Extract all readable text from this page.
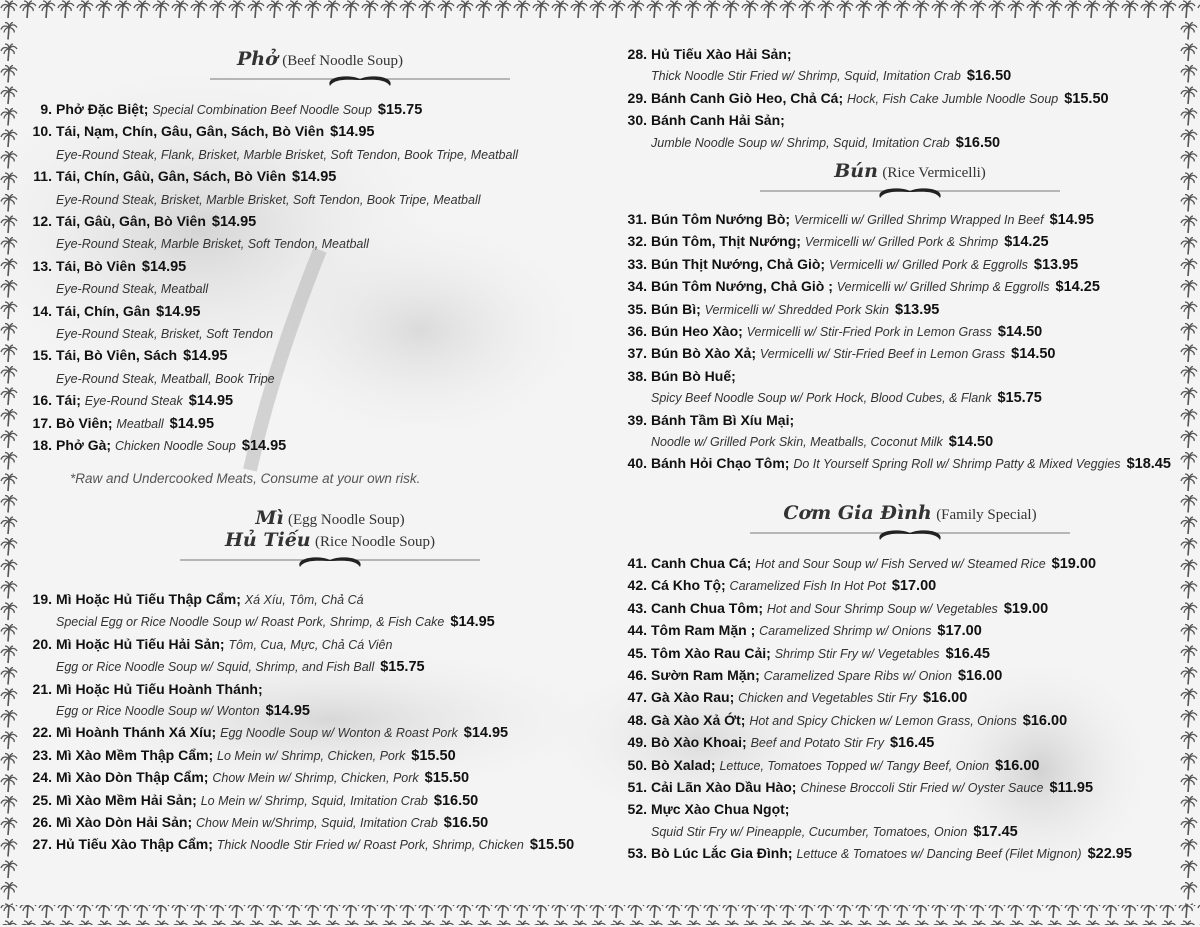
Phở (Beef Noodle Soup)
9. Phở Đặc Biệt; Special Combination Beef Noodle Soup $15.75
10. Tái, Nạm, Chín, Gâu, Gân, Sách, Bò Viên $14.95
Eye-Round Steak, Flank, Brisket, Marble Brisket, Soft Tendon, Book Tripe, Meatball
11. Tái, Chín, Gâù, Gân, Sách, Bò Viên $14.95
Eye-Round Steak, Brisket, Marble Brisket, Soft Tendon, Book Tripe, Meatball
12. Tái, Gâù, Gân, Bò Viên $14.95
Eye-Round Steak, Marble Brisket, Soft Tendon, Meatball
13. Tái, Bò Viên $14.95
Eye-Round Steak, Meatball
14. Tái, Chín, Gân $14.95
Eye-Round Steak, Brisket, Soft Tendon
15. Tái, Bò Viên, Sách $14.95
Eye-Round Steak, Meatball, Book Tripe
16. Tái; Eye-Round Steak $14.95
17. Bò Viên; Meatball $14.95
18. Phở Gà; Chicken Noodle Soup $14.95
*Raw and Undercooked Meats, Consume at your own risk.
Mì (Egg Noodle Soup)
Hủ Tiếu (Rice Noodle Soup)
19. Mì Hoặc Hủ Tiếu Thập Cẩm; Xá Xíu, Tôm, Chả Cá
Special Egg or Rice Noodle Soup w/ Roast Pork, Shrimp, & Fish Cake $14.95
20. Mì Hoặc Hủ Tiếu Hải Sản; Tôm, Cua, Mực, Chả Cá Viên
Egg or Rice Noodle Soup w/ Squid, Shrimp, and Fish Ball $15.75
21. Mì Hoặc Hủ Tiếu Hoành Thánh;
Egg or Rice Noodle Soup w/ Wonton $14.95
22. Mì Hoành Thánh Xá Xíu; Egg Noodle Soup w/ Wonton & Roast Pork $14.95
23. Mì Xào Mềm Thập Cẩm; Lo Mein w/ Shrimp, Chicken, Pork $15.50
24. Mì Xào Dòn Thập Cẩm; Chow Mein w/ Shrimp, Chicken, Pork $15.50
25. Mì Xào Mềm Hải Sản; Lo Mein w/ Shrimp, Squid, Imitation Crab $16.50
26. Mì Xào Dòn Hải Sản; Chow Mein w/Shrimp, Squid, Imitation Crab $16.50
27. Hủ Tiếu Xào Thập Cẩm; Thick Noodle Stir Fried w/ Roast Pork, Shrimp, Chicken $15.50
28. Hủ Tiếu Xào Hải Sản;
Thick Noodle Stir Fried w/ Shrimp, Squid, Imitation Crab $16.50
29. Bánh Canh Giò Heo, Chả Cá; Hock, Fish Cake Jumble Noodle Soup $15.50
30. Bánh Canh Hải Sản;
Jumble Noodle Soup w/ Shrimp, Squid, Imitation Crab $16.50
Bún (Rice Vermicelli)
31. Bún Tôm Nướng Bò; Vermicelli w/ Grilled Shrimp Wrapped In Beef $14.95
32. Bún Tôm, Thịt Nướng; Vermicelli w/ Grilled Pork & Shrimp $14.25
33. Bún Thịt Nướng, Chả Giò; Vermicelli w/ Grilled Pork & Eggrolls $13.95
34. Bún Tôm Nướng, Chả Giò ; Vermicelli w/ Grilled Shrimp & Eggrolls $14.25
35. Bún Bì; Vermicelli w/ Shredded Pork Skin $13.95
36. Bún Heo Xào; Vermicelli w/ Stir-Fried Pork in Lemon Grass $14.50
37. Bún Bò Xào Xả; Vermicelli w/ Stir-Fried Beef in Lemon Grass $14.50
38. Bún Bò Huế;
Spicy Beef Noodle Soup w/ Pork Hock, Blood Cubes, & Flank $15.75
39. Bánh Tầm Bì Xíu Mại;
Noodle w/ Grilled Pork Skin, Meatballs, Coconut Milk $14.50
40. Bánh Hỏi Chạo Tôm; Do It Yourself Spring Roll w/ Shrimp Patty & Mixed Veggies $18.45
Cơm Gia Đình (Family Special)
41. Canh Chua Cá; Hot and Sour Soup w/ Fish Served w/ Steamed Rice $19.00
42. Cá Kho Tộ; Caramelized Fish In Hot Pot $17.00
43. Canh Chua Tôm; Hot and Sour Shrimp Soup w/ Vegetables $19.00
44. Tôm Ram Mặn ; Caramelized Shrimp w/ Onions $17.00
45. Tôm Xào Rau Cải; Shrimp Stir Fry w/ Vegetables $16.45
46. Sườn Ram Mặn; Caramelized Spare Ribs w/ Onion $16.00
47. Gà Xào Rau; Chicken and Vegetables Stir Fry $16.00
48. Gà Xào Xả Ớt; Hot and Spicy Chicken w/ Lemon Grass, Onions $16.00
49. Bò Xào Khoai; Beef and Potato Stir Fry $16.45
50. Bò Xalad; Lettuce, Tomatoes Topped w/ Tangy Beef, Onion $16.00
51. Cải Lãn Xào Dầu Hào; Chinese Broccoli Stir Fried w/ Oyster Sauce $11.95
52. Mực Xào Chua Ngọt;
Squid Stir Fry w/ Pineapple, Cucumber, Tomatoes, Onion $17.45
53. Bò Lúc Lắc Gia Đình; Lettuce & Tomatoes w/ Dancing Beef (Filet Mignon) $22.95
